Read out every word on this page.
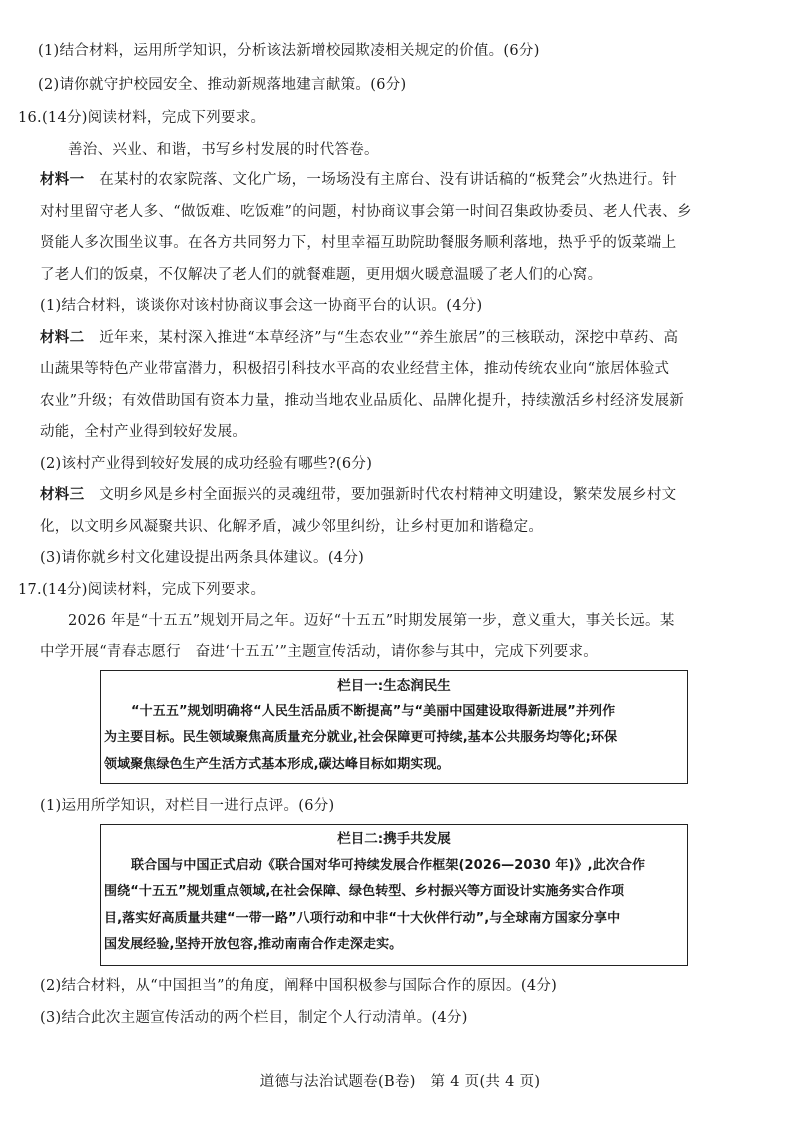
(1)结合材料，运用所学知识，分析该法新增校园欺凌相关规定的价值。(6分)
(2)请你就守护校园安全、推动新规落地建言献策。(6分)
16.(14分)阅读材料，完成下列要求。
善治、兴业、和谐，书写乡村发展的时代答卷。
材料一　 在某村的农家院落、文化广场，一场场没有主席台、没有讲话稿的“板凳会”火热进行。针
对村里留守老人多、“做饭难、吃饭难”的问题，村协商议事会第一时间召集政协委员、老人代表、乡
贤能人多次围坐议事。在各方共同努力下，村里幸福互助院助餐服务顺利落地，热乎乎的饭菜端上
了老人们的饭桌，不仅解决了老人们的就餐难题，更用烟火暖意温暖了老人们的心窝。
(1)结合材料，谈谈你对该村协商议事会这一协商平台的认识。(4分)
材料二　 近年来，某村深入推进“本草经济”与“生态农业”“养生旅居”的三核联动，深挖中草药、高
山蔬果等特色产业带富潜力，积极招引科技水平高的农业经营主体，推动传统农业向“旅居体验式
农业”升级；有效借助国有资本力量，推动当地农业品质化、品牌化提升，持续激活乡村经济发展新
动能，全村产业得到较好发展。
(2)该村产业得到较好发展的成功经验有哪些?(6分)
材料三　 文明乡风是乡村全面振兴的灵魂纽带，要加强新时代农村精神文明建设，繁荣发展乡村文
化，以文明乡风凝聚共识、化解矛盾，减少邻里纠纷，让乡村更加和谐稳定。
(3)请你就乡村文化建设提出两条具体建议。(4分)
17.(14分)阅读材料，完成下列要求。
2026 年是“十五五”规划开局之年。迈好“十五五”时期发展第一步，意义重大，事关长远。某
中学开展“青春志愿行　奋进‘十五五’”主题宣传活动，请你参与其中，完成下列要求。
栏目一:生态润民生
“十五五”规划明确将“人民生活品质不断提高”与“美丽中国建设取得新进展”并列作
为主要目标。民生领域聚焦高质量充分就业,社会保障更可持续,基本公共服务均等化;环保
领域聚焦绿色生产生活方式基本形成,碳达峰目标如期实现。
(1)运用所学知识，对栏目一进行点评。(6分)
栏目二:携手共发展
联合国与中国正式启动《联合国对华可持续发展合作框架(2026—2030 年)》,此次合作
围绕“十五五”规划重点领域,在社会保障、绿色转型、乡村振兴等方面设计实施务实合作项
目,落实好高质量共建“一带一路”八项行动和中非“十大伙伴行动”,与全球南方国家分享中
国发展经验,坚持开放包容,推动南南合作走深走实。
(2)结合材料，从“中国担当”的角度，阐释中国积极参与国际合作的原因。(4分)
(3)结合此次主题宣传活动的两个栏目，制定个人行动清单。(4分)
道德与法治试题卷(B卷)　第 4 页(共 4 页)
